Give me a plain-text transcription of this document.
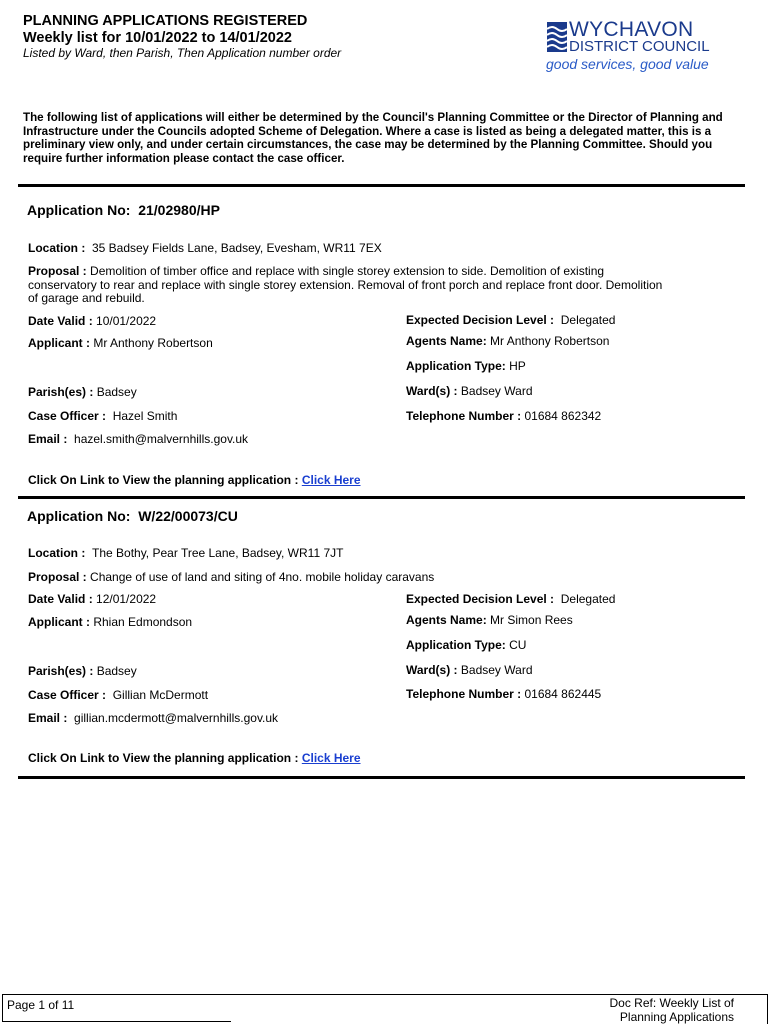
PLANNING APPLICATIONS REGISTERED
Weekly list for 10/01/2022 to 14/01/2022
Listed by Ward, then Parish, Then Application number order
WYCHAVON
DISTRICT COUNCIL
good services, good value
The following list of applications will either be determined by the Council's Planning Committee or the Director of Planning and Infrastructure under the Councils adopted Scheme of Delegation. Where a case is listed as being a delegated matter, this is a preliminary view only, and under certain circumstances, the case may be determined by the Planning Committee. Should you require further information please contact the case officer.
Application No: 21/02980/HP
Location : 35 Badsey Fields Lane, Badsey, Evesham, WR11 7EX
Proposal : Demolition of timber office and replace with single storey extension to side. Demolition of existing conservatory to rear and replace with single storey extension. Removal of front porch and replace front door. Demolition of garage and rebuild.
Date Valid : 10/01/2022	Expected Decision Level : Delegated
Applicant : Mr Anthony Robertson	Agents Name: Mr Anthony Robertson
Application Type: HP
Parish(es) : Badsey	Ward(s) : Badsey Ward
Case Officer : Hazel Smith	Telephone Number : 01684 862342
Email : hazel.smith@malvernhills.gov.uk
Click On Link to View the planning application : Click Here
Application No: W/22/00073/CU
Location : The Bothy, Pear Tree Lane, Badsey, WR11 7JT
Proposal : Change of use of land and siting of 4no. mobile holiday caravans
Date Valid : 12/01/2022	Expected Decision Level : Delegated
Applicant : Rhian Edmondson	Agents Name: Mr Simon Rees
Application Type: CU
Parish(es) : Badsey	Ward(s) : Badsey Ward
Case Officer : Gillian McDermott	Telephone Number : 01684 862445
Email : gillian.mcdermott@malvernhills.gov.uk
Click On Link to View the planning application : Click Here
Page 1 of 11	Doc Ref: Weekly List of Planning Applications
